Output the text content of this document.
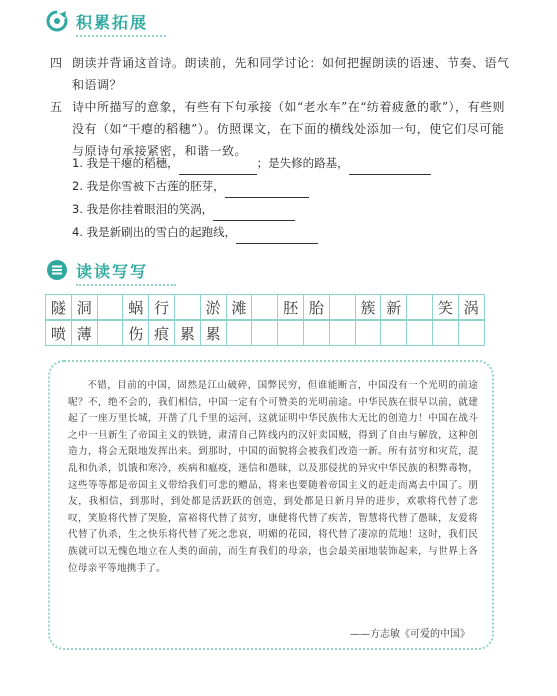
积累拓展
四 朗读并背诵这首诗。朗读前，先和同学讨论：如何把握朗读的语速、节奏、语气和语调？
五 诗中所描写的意象，有些有下句承接（如“老水车”在“纺着疲惫的歌”），有些则没有（如“干瘪的稻穗”）。仿照课文，在下面的横线处添加一句，使它们尽可能与原诗句承接紧密，和谐一致。
1. 我是干瘪的稻穗，	；是失修的路基，
2. 我是你雪被下古莲的胚芽，
3. 我是你挂着眼泪的笑涡，
4. 我是新刷出的雪白的起跑线，
读读写写
隧 洞	蜗 行	淤 滩	胚 胎	簇 新	笑 涡
喷 薄	伤 痕 累 累
不错，目前的中国，固然是江山破碎，国弊民穷，但谁能断言，中国没有一个光明的前途呢？不，绝不会的，我们相信，中国一定有个可赞美的光明前途。中华民族在很早以前，就建起了一座万里长城，开凿了几千里的运河，这就证明中华民族伟大无比的创造力！中国在战斗之中一旦新生了帝国主义的铁链，肃清自己阵线内的汉奸卖国贼，得到了自由与解放，这种创造力，将会无限地发挥出来。到那时，中国的面貌将会被我们改造一新。所有贫穷和灾荒，混乱和仇杀，饥饿和寒冷，疾病和瘟疫，迷信和愚昧，以及那侵扰的异灾中华民族的积弊毒物，这些等等都是帝国主义带给我们可悲的赠品，将来也要随着帝国主义的赶走而离去中国了。朋友，我相信，到那时，到处都是活跃跃的创造，到处都是日新月异的进步，欢歌将代替了悲叹，笑脸将代替了哭脸，富裕将代替了贫穷，康健将代替了疾苦，智慧将代替了愚昧，友爱将代替了仇杀，生之快乐将代替了死之悲哀，明媚的花园，将代替了凄凉的荒地！这时，我们民族就可以无愧色地立在人类的面前，而生育我们的母亲，也会最美丽地装饰起来，与世界上各位母亲平等地携手了。
——方志敏《可爱的中国》
